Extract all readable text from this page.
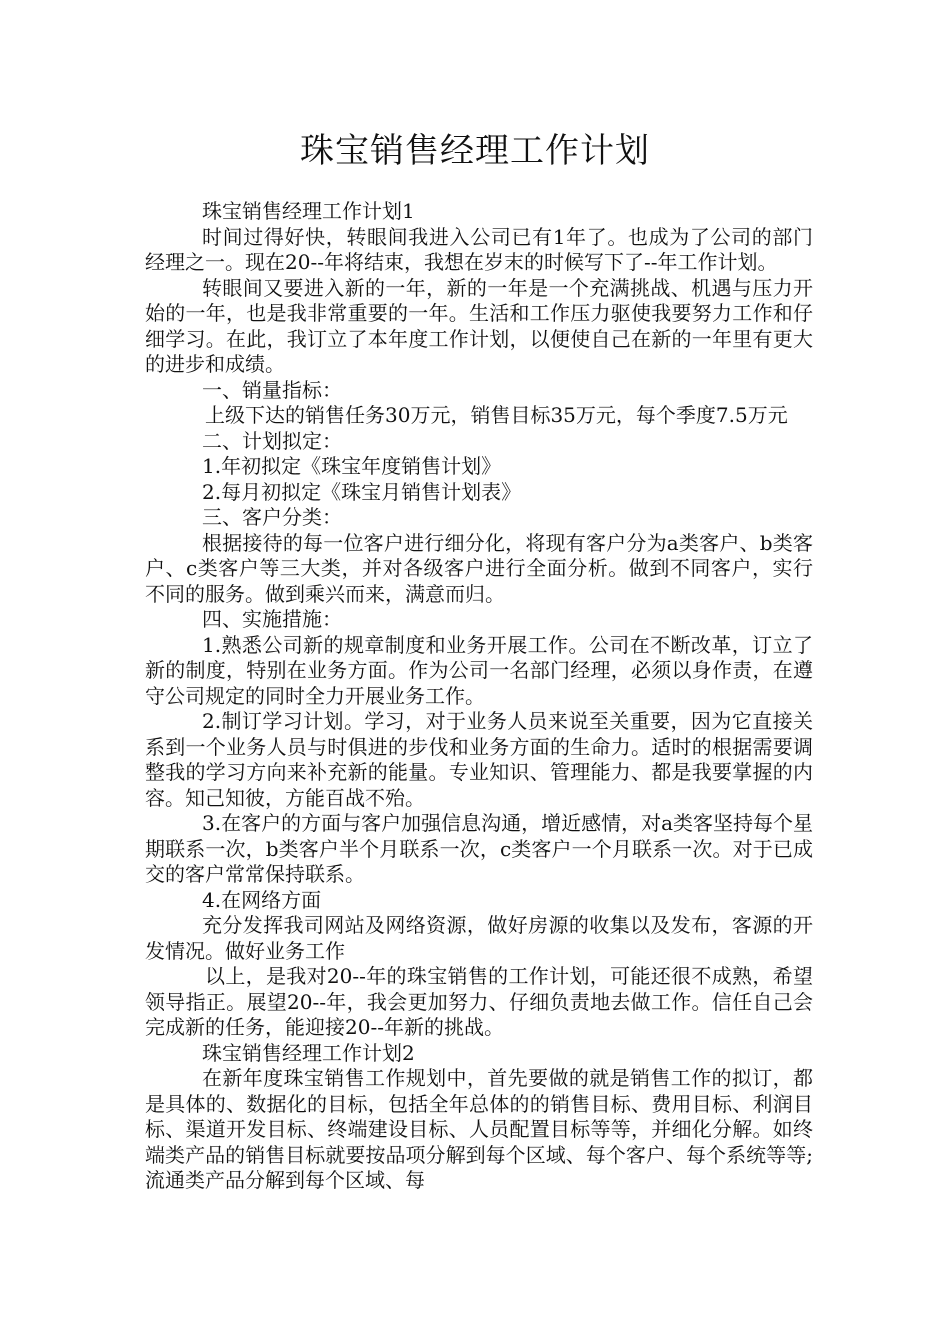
珠宝销售经理工作计划

珠宝销售经理工作计划1

时间过得好快，转眼间我进入公司已有1年了。也成为了公司的部门经理之一。现在20--年将结束，我想在岁末的时候写下了--年工作计划。

转眼间又要进入新的一年，新的一年是一个充满挑战、机遇与压力开始的一年，也是我非常重要的一年。生活和工作压力驱使我要努力工作和仔细学习。在此，我订立了本年度工作计划，以便使自己在新的一年里有更大的进步和成绩。

一、销量指标：

上级下达的销售任务30万元，销售目标35万元，每个季度7.5万元

二、计划拟定：

1.年初拟定《珠宝年度销售计划》

2.每月初拟定《珠宝月销售计划表》

三、客户分类：

根据接待的每一位客户进行细分化，将现有客户分为a类客户、b类客户、c类客户等三大类，并对各级客户进行全面分析。做到不同客户，实行不同的服务。做到乘兴而来，满意而归。

四、实施措施：

1.熟悉公司新的规章制度和业务开展工作。公司在不断改革，订立了新的制度，特别在业务方面。作为公司一名部门经理，必须以身作责，在遵守公司规定的同时全力开展业务工作。

2.制订学习计划。学习，对于业务人员来说至关重要，因为它直接关系到一个业务人员与时俱进的步伐和业务方面的生命力。适时的根据需要调整我的学习方向来补充新的能量。专业知识、管理能力、都是我要掌握的内容。知己知彼，方能百战不殆。

3.在客户的方面与客户加强信息沟通，增近感情，对a类客坚持每个星期联系一次，b类客户半个月联系一次，c类客户一个月联系一次。对于已成交的客户常常保持联系。

4.在网络方面

充分发挥我司网站及网络资源，做好房源的收集以及发布，客源的开发情况。做好业务工作

以上，是我对20--年的珠宝销售的工作计划，可能还很不成熟，希望领导指正。展望20--年，我会更加努力、仔细负责地去做工作。信任自己会完成新的任务，能迎接20--年新的挑战。

珠宝销售经理工作计划2

在新年度珠宝销售工作规划中，首先要做的就是销售工作的拟订，都是具体的、数据化的目标，包括全年总体的的销售目标、费用目标、利润目标、渠道开发目标、终端建设目标、人员配置目标等等，并细化分解。如终端类产品的销售目标就要按品项分解到每个区域、每个客户、每个系统等等;流通类产品分解到每个区域、每
